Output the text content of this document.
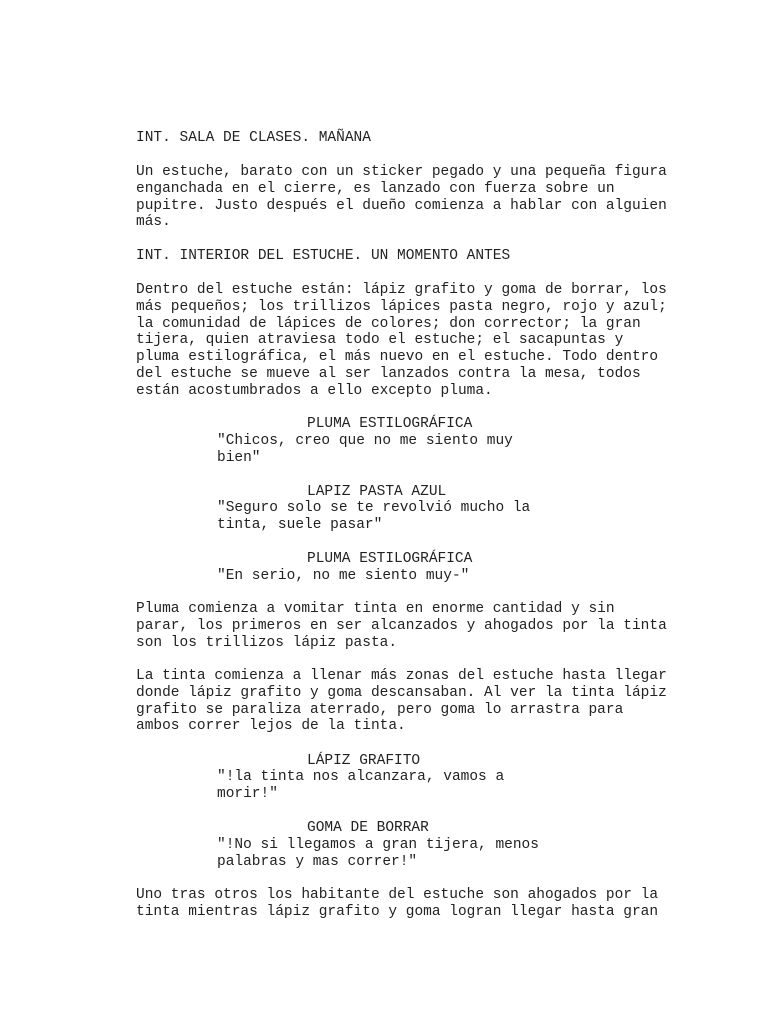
INT. SALA DE CLASES. MAÑANA

Un estuche, barato con un sticker pegado y una pequeña figura
enganchada en el cierre, es lanzado con fuerza sobre un
pupitre. Justo después el dueño comienza a hablar con alguien
más.

INT. INTERIOR DEL ESTUCHE. UN MOMENTO ANTES

Dentro del estuche están: lápiz grafito y goma de borrar, los
más pequeños; los trillizos lápices pasta negro, rojo y azul;
la comunidad de lápices de colores; don corrector; la gran
tijera, quien atraviesa todo el estuche; el sacapuntas y
pluma estilográfica, el más nuevo en el estuche. Todo dentro
del estuche se mueve al ser lanzados contra la mesa, todos
están acostumbrados a ello excepto pluma.

PLUMA ESTILOGRÁFICA

"Chicos, creo que no me siento muy
bien"

LAPIZ PASTA AZUL

"Seguro solo se te revolvió mucho la
tinta, suele pasar"

PLUMA ESTILOGRÁFICA

"En serio, no me siento muy-"

Pluma comienza a vomitar tinta en enorme cantidad y sin
parar, los primeros en ser alcanzados y ahogados por la tinta
son los trillizos lápiz pasta.

La tinta comienza a llenar más zonas del estuche hasta llegar
donde lápiz grafito y goma descansaban. Al ver la tinta lápiz
grafito se paraliza aterrado, pero goma lo arrastra para
ambos correr lejos de la tinta.

LÁPIZ GRAFITO

"!la tinta nos alcanzara, vamos a
morir!"

GOMA DE BORRAR

"!No si llegamos a gran tijera, menos
palabras y mas correr!"

Uno tras otros los habitante del estuche son ahogados por la
tinta mientras lápiz grafito y goma logran llegar hasta gran
